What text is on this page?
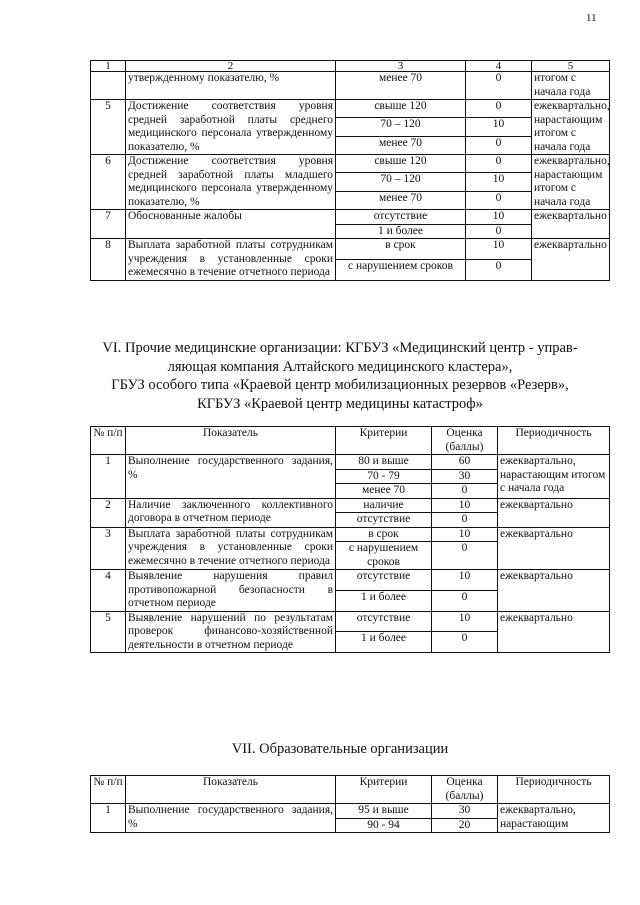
11
1	2	3	4	5
	утвержденному показателю, %	менее 70	0	итогом с начала года
5	Достижение соответствия уровня средней заработной платы среднего медицинского персонала утвержденному показателю, %	свыше 120	0	ежеквартально, нарастающим итогом с начала года
		70 – 120	10	
		менее 70	0	
6	Достижение соответствия уровня средней заработной платы младшего медицинского персонала утвержденному показателю, %	свыше 120	0	ежеквартально, нарастающим итогом с начала года
		70 – 120	10	
		менее 70	0	
7	Обоснованные жалобы	отсутствие	10	ежеквартально
		1 и более	0	
8	Выплата заработной платы сотрудникам учреждения в установленные сроки ежемесячно в течение отчетного периода	в срок	10	ежеквартально
		с нарушением сроков	0	
VI. Прочие медицинские организации: КГБУЗ «Медицинский центр - управ-
ляющая компания Алтайского медицинского кластера»,
ГБУЗ особого типа «Краевой центр мобилизационных резервов «Резерв»,
КГБУЗ «Краевой центр медицины катастроф»
№ п/п	Показатель	Критерии	Оценка (баллы)	Периодичность
1	Выполнение государственного задания, %	80 и выше	60	ежеквартально, нарастающим итогом с начала года
		70 - 79	30	
		менее 70	0	
2	Наличие заключенного коллективного договора в отчетном периоде	наличие	10	ежеквартально
		отсутствие	0	
3	Выплата заработной платы сотрудникам учреждения в установленные сроки ежемесячно в течение отчетного периода	в срок	10	ежеквартально
		с нарушением сроков	0	
4	Выявление нарушения правил противопожарной безопасности в отчетном периоде	отсутствие	10	ежеквартально
		1 и более	0	
5	Выявление нарушений по результатам проверок финансово-хозяйственной деятельности в отчетном периоде	отсутствие	10	ежеквартально
		1 и более	0	
VII. Образовательные организации
№ п/п	Показатель	Критерии	Оценка (баллы)	Периодичность
1	Выполнение государственного задания, %	95 и выше	30	ежеквартально, нарастающим
		90 - 94	20	
